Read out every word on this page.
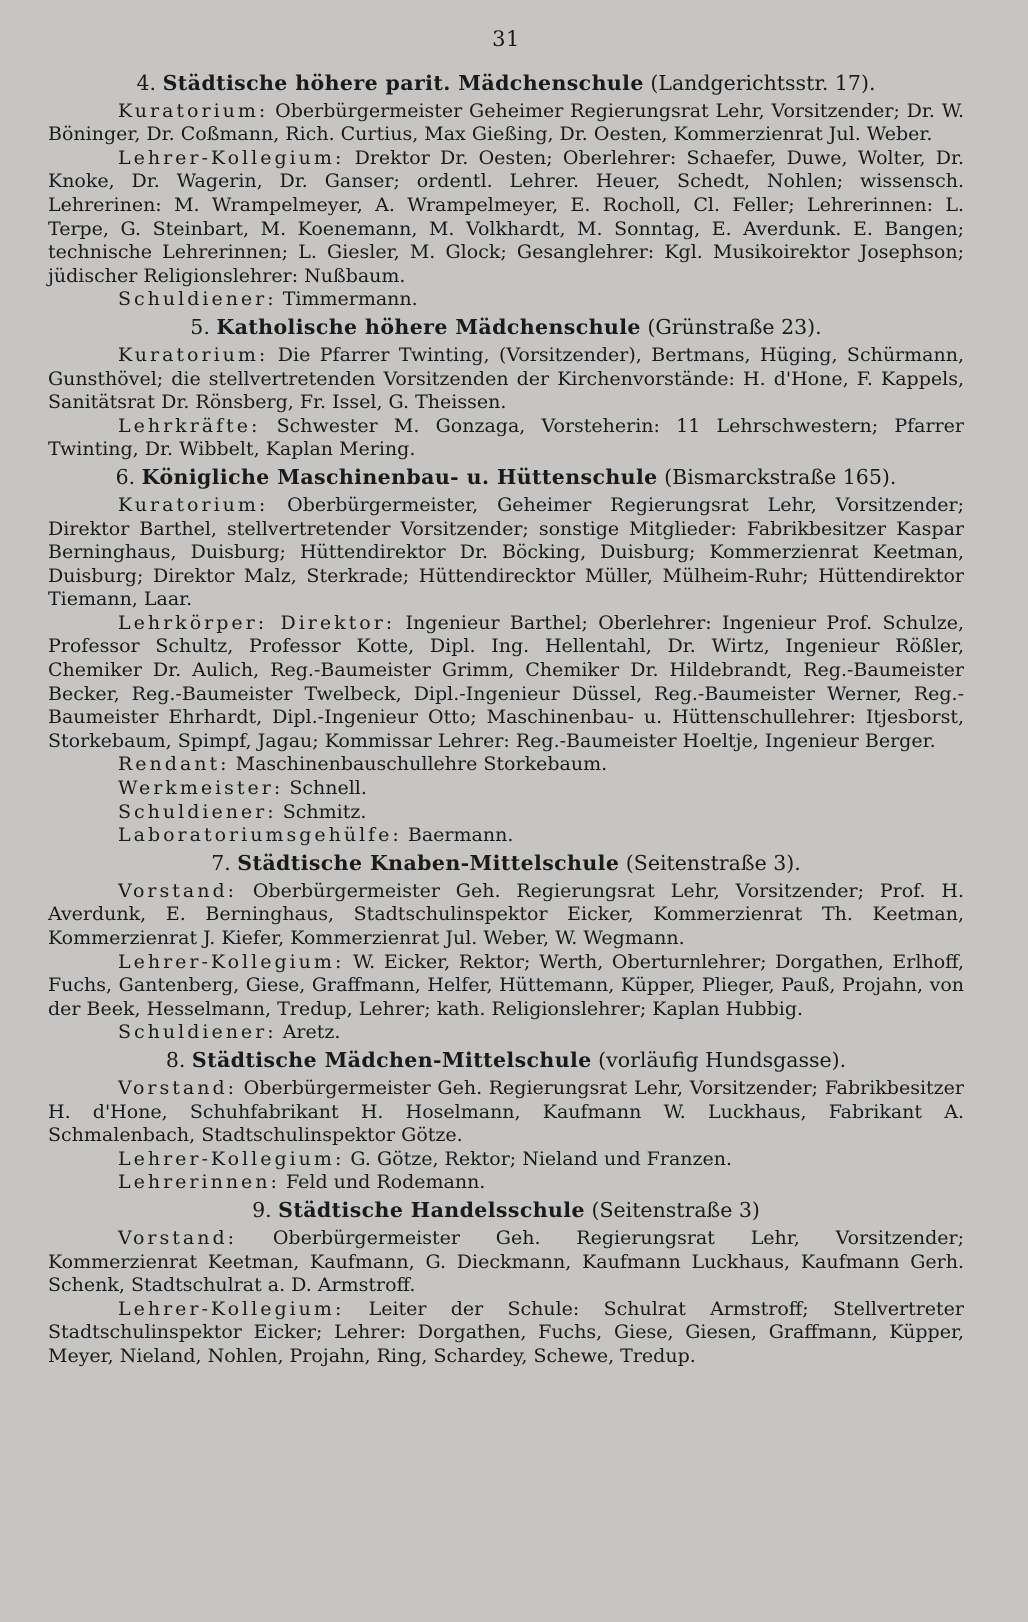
31
4. Städtische höhere parit. Mädchenschule (Landgerichtsstr. 17).

Kuratorium: Oberbürgermeister Geheimer Regierungsrat Lehr, Vorsitzender; Dr. W. Böninger, Dr. Coßmann, Rich. Curtius, Max Gießing, Dr. Oesten, Kommerzienrat Jul. Weber.

Lehrer-Kollegium: Drektor Dr. Oesten; Oberlehrer: Schaefer, Duwe, Wolter, Dr. Knoke, Dr. Wagerin, Dr. Ganser; ordentl. Lehrer. Heuer, Schedt, Nohlen; wissensch. Lehrerinen: M. Wrampelmeyer, A. Wrampelmeyer, E. Rocholl, Cl. Feller; Lehrerinnen: L. Terpe, G. Steinbart, M. Koenemann, M. Volkhardt, M. Sonntag, E. Averdunk. E. Bangen; technische Lehrerinnen; L. Giesler, M. Glock; Gesanglehrer: Kgl. Musikoirektor Josephson; jüdischer Religionslehrer: Nußbaum.

Schuldiener: Timmermann.

5. Katholische höhere Mädchenschule (Grünstraße 23).

Kuratorium: Die Pfarrer Twinting, (Vorsitzender), Bertmans, Hüging, Schürmann, Gunsthövel; die stellvertretenden Vorsitzenden der Kirchenvorstände: H. d'Hone, F. Kappels, Sanitätsrat Dr. Rönsberg, Fr. Issel, G. Theissen.

Lehrkräfte: Schwester M. Gonzaga, Vorsteherin: 11 Lehrschwestern; Pfarrer Twinting, Dr. Wibbelt, Kaplan Mering.

6. Königliche Maschinenbau- u. Hüttenschule (Bismarckstraße 165).

Kuratorium: Oberbürgermeister, Geheimer Regierungsrat Lehr, Vorsitzender; Direktor Barthel, stellvertretender Vorsitzender; sonstige Mitglieder: Fabrikbesitzer Kaspar Berninghaus, Duisburg; Hüttendirektor Dr. Böcking, Duisburg; Kommerzienrat Keetman, Duisburg; Direktor Malz, Sterkrade; Hüttendirecktor Müller, Mülheim-Ruhr; Hüttendirektor Tiemann, Laar.

Lehrkörper: Direktor: Ingenieur Barthel; Oberlehrer: Ingenieur Prof. Schulze, Professor Schultz, Professor Kotte, Dipl. Ing. Hellentahl, Dr. Wirtz, Ingenieur Rößler, Chemiker Dr. Aulich, Reg.-Baumeister Grimm, Chemiker Dr. Hildebrandt, Reg.-Baumeister Becker, Reg.-Baumeister Twelbeck, Dipl.-Ingenieur Düssel, Reg.-Baumeister Werner, Reg.-Baumeister Ehrhardt, Dipl.-Ingenieur Otto; Maschinenbau- u. Hüttenschullehrer: Itjesborst, Storkebaum, Spimpf, Jagau; Kommissar Lehrer: Reg.-Baumeister Hoeltje, Ingenieur Berger.

Rendant: Maschinenbauschullehre Storkebaum.

Werkmeister: Schnell.

Schuldiener: Schmitz.

Laboratoriumsgehülfe: Baermann.

7. Städtische Knaben-Mittelschule (Seitenstraße 3).

Vorstand: Oberbürgermeister Geh. Regierungsrat Lehr, Vorsitzender; Prof. H. Averdunk, E. Berninghaus, Stadtschulinspektor Eicker, Kommerzienrat Th. Keetman, Kommerzienrat J. Kiefer, Kommerzienrat Jul. Weber, W. Wegmann.

Lehrer-Kollegium: W. Eicker, Rektor; Werth, Oberturnlehrer; Dorgathen, Erlhoff, Fuchs, Gantenberg, Giese, Graffmann, Helfer, Hüttemann, Küpper, Plieger, Pauß, Projahn, von der Beek, Hesselmann, Tredup, Lehrer; kath. Religionslehrer; Kaplan Hubbig.

Schuldiener: Aretz.

8. Städtische Mädchen-Mittelschule (vorläufig Hundsgasse).

Vorstand: Oberbürgermeister Geh. Regierungsrat Lehr, Vorsitzender; Fabrikbesitzer H. d'Hone, Schuhfabrikant H. Hoselmann, Kaufmann W. Luckhaus, Fabrikant A. Schmalenbach, Stadtschulinspektor Götze.

Lehrer-Kollegium: G. Götze, Rektor; Nieland und Franzen.

Lehrerinnen: Feld und Rodemann.

9. Städtische Handelsschule (Seitenstraße 3)

Vorstand: Oberbürgermeister Geh. Regierungsrat Lehr, Vorsitzender; Kommerzienrat Keetman, Kaufmann, G. Dieckmann, Kaufmann Luckhaus, Kaufmann Gerh. Schenk, Stadtschulrat a. D. Armstroff.

Lehrer-Kollegium: Leiter der Schule: Schulrat Armstroff; Stellvertreter Stadtschulinspektor Eicker; Lehrer: Dorgathen, Fuchs, Giese, Giesen, Graffmann, Küpper, Meyer, Nieland, Nohlen, Projahn, Ring, Schardey, Schewe, Tredup.
